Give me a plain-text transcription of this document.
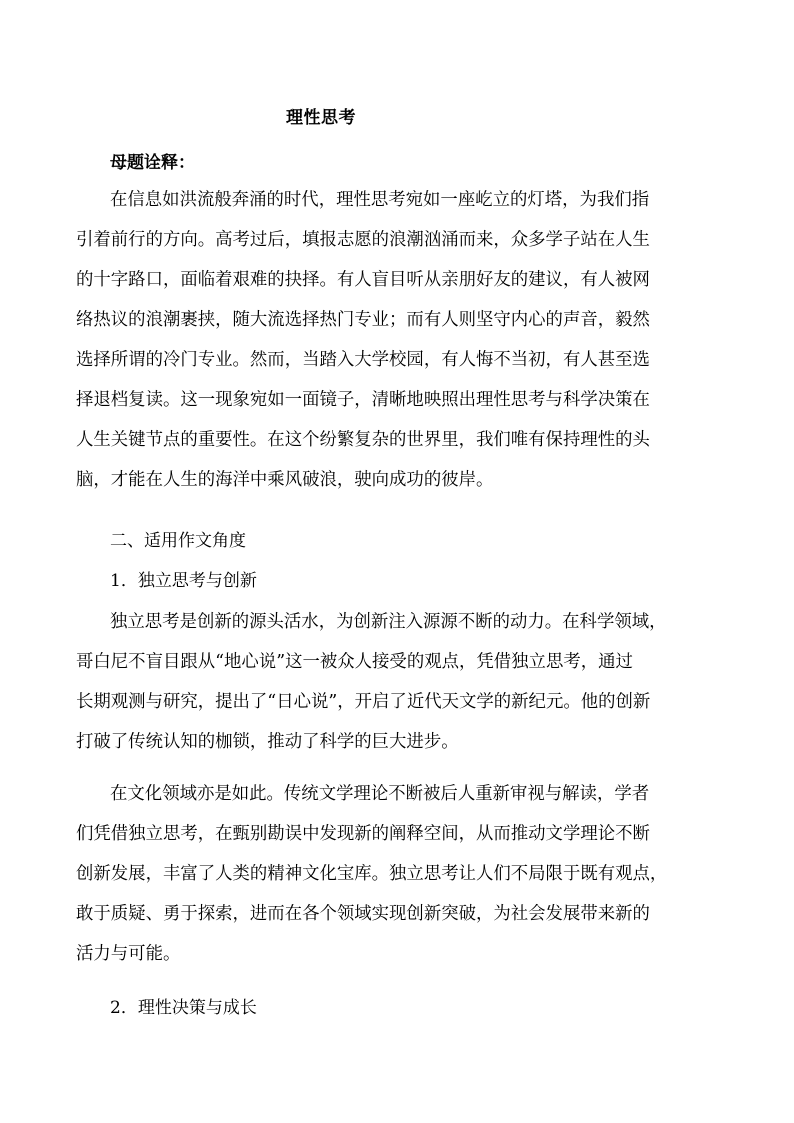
理性思考
母题诠释：
在信息如洪流般奔涌的时代，理性思考宛如一座屹立的灯塔，为我们指
引着前行的方向。高考过后，填报志愿的浪潮汹涌而来，众多学子站在人生
的十字路口，面临着艰难的抉择。有人盲目听从亲朋好友的建议，有人被网
络热议的浪潮裹挟，随大流选择热门专业；而有人则坚守内心的声音，毅然
选择所谓的冷门专业。然而，当踏入大学校园，有人悔不当初，有人甚至选
择退档复读。这一现象宛如一面镜子，清晰地映照出理性思考与科学决策在
人生关键节点的重要性。在这个纷繁复杂的世界里，我们唯有保持理性的头
脑，才能在人生的海洋中乘风破浪，驶向成功的彼岸。
二、适用作文角度
1．独立思考与创新
独立思考是创新的源头活水，为创新注入源源不断的动力。在科学领域，
哥白尼不盲目跟从“地心说”这一被众人接受的观点，凭借独立思考，通过
长期观测与研究，提出了“日心说”，开启了近代天文学的新纪元。他的创新
打破了传统认知的枷锁，推动了科学的巨大进步。
在文化领域亦是如此。传统文学理论不断被后人重新审视与解读，学者
们凭借独立思考，在甄别勘误中发现新的阐释空间，从而推动文学理论不断
创新发展，丰富了人类的精神文化宝库。独立思考让人们不局限于既有观点，
敢于质疑、勇于探索，进而在各个领域实现创新突破，为社会发展带来新的
活力与可能。
2．理性决策与成长
